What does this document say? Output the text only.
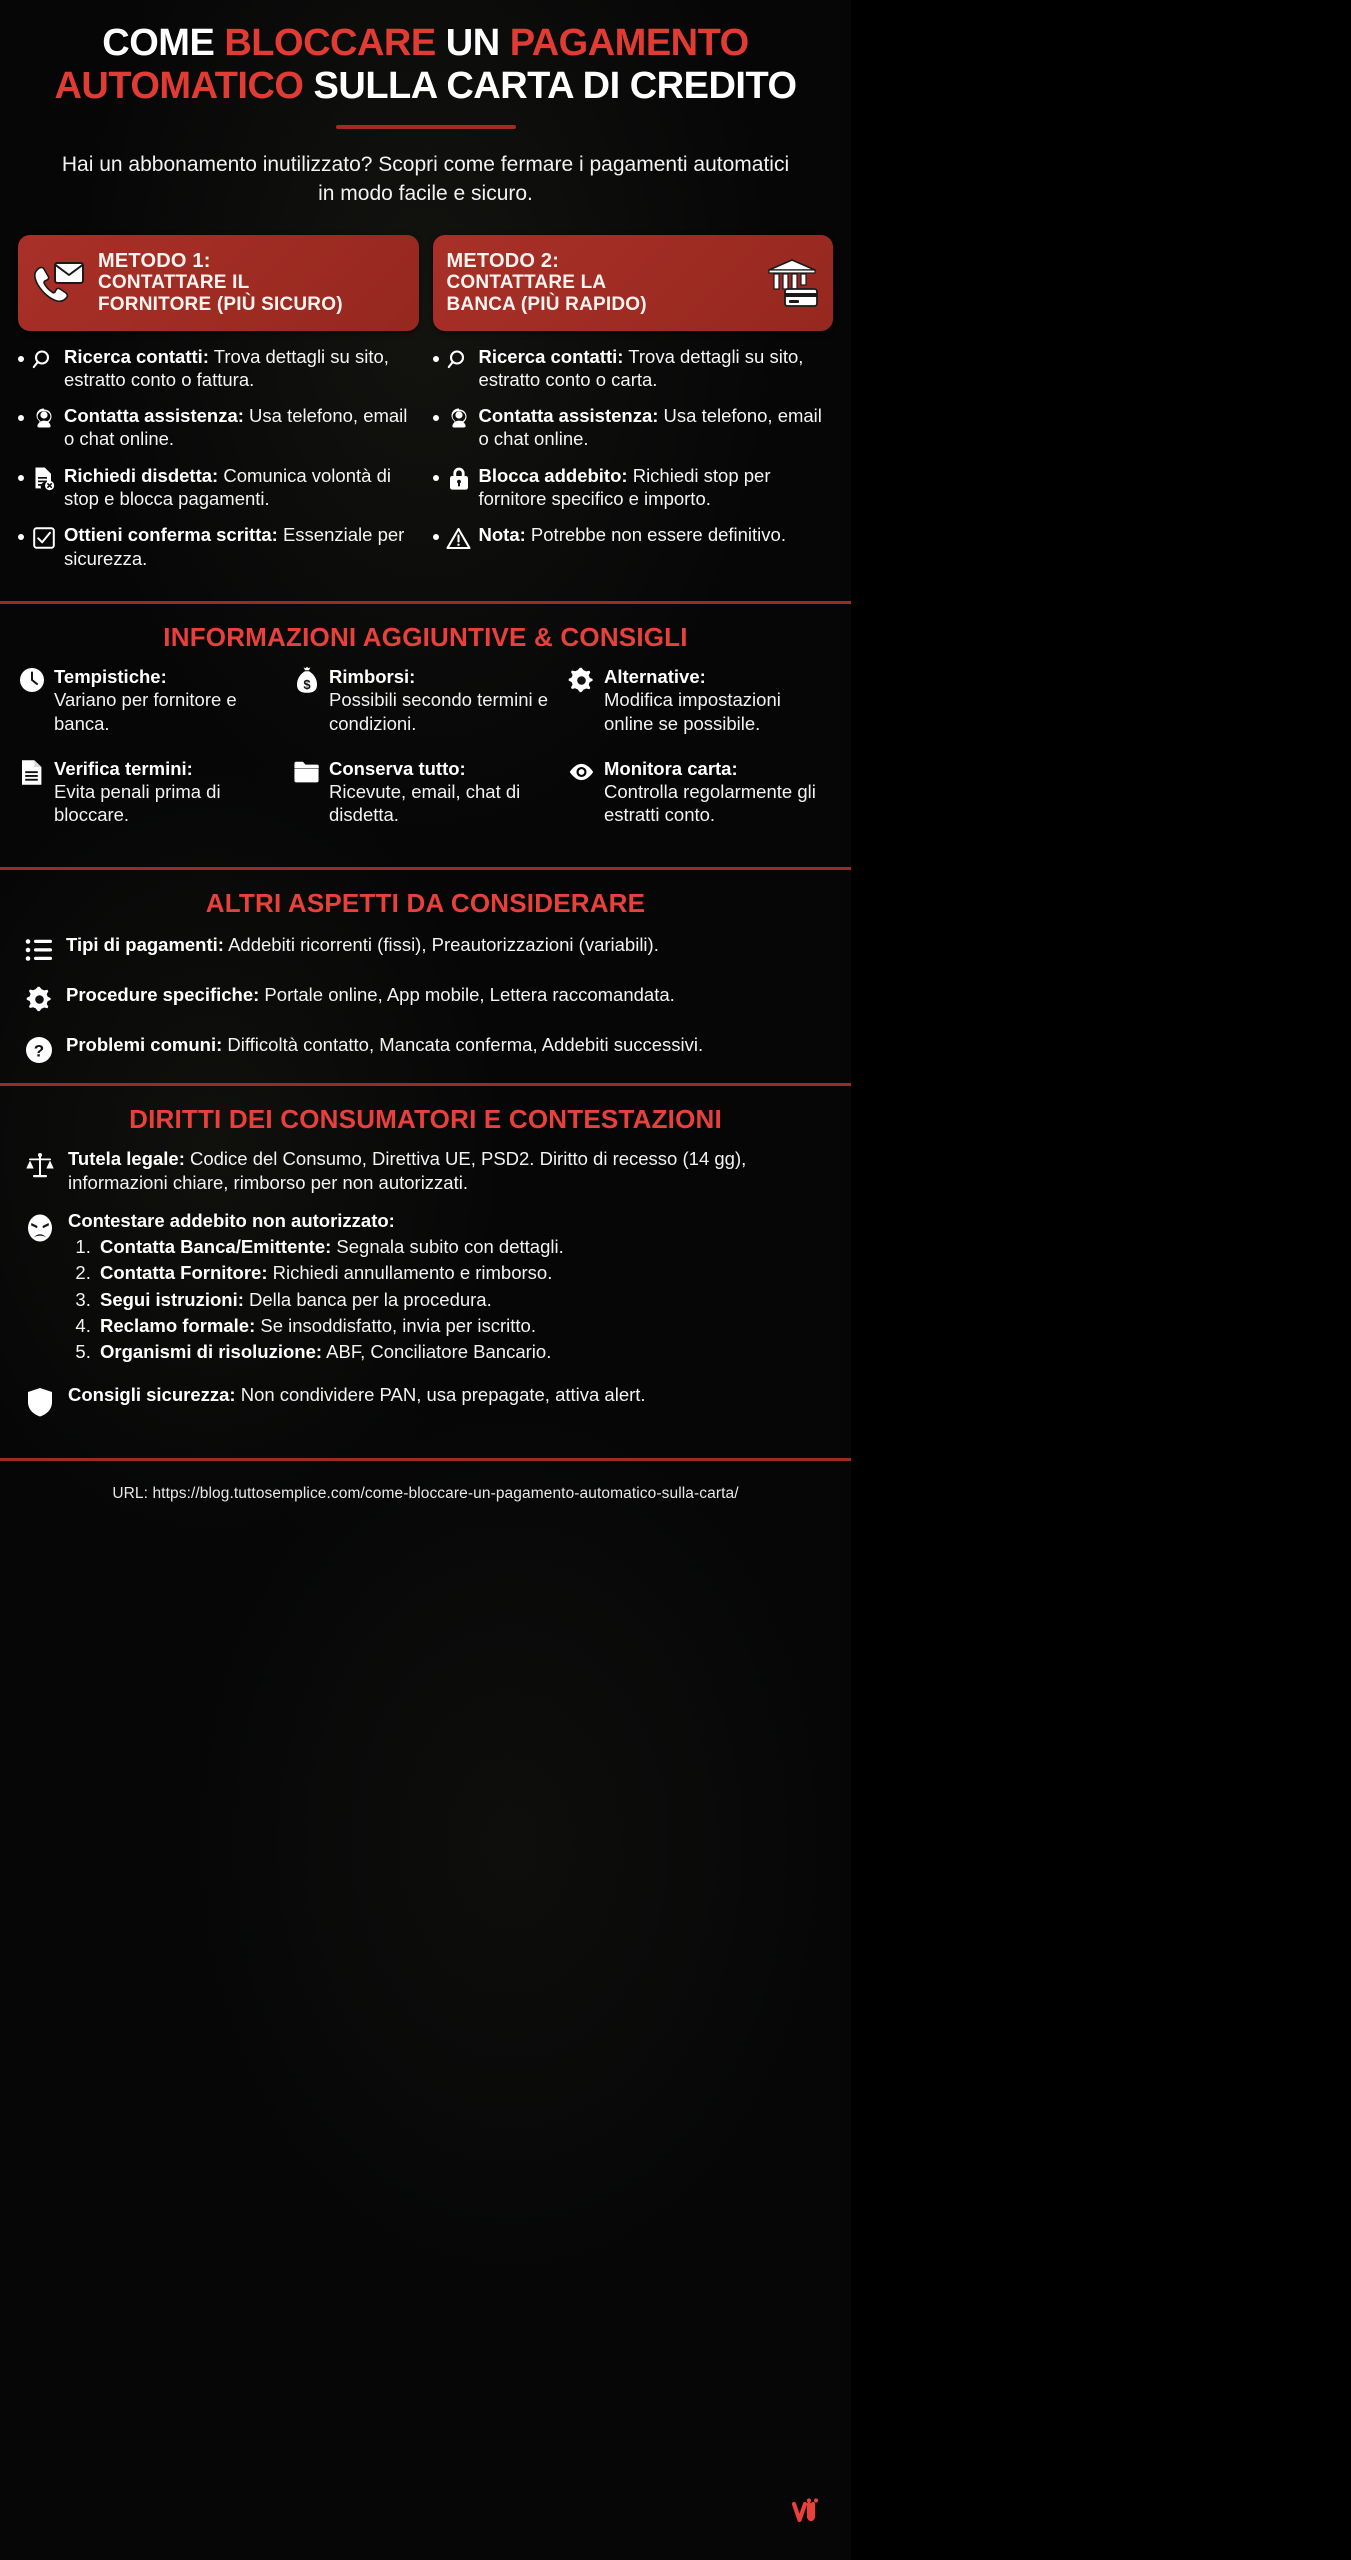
COME BLOCCARE UN PAGAMENTO
AUTOMATICO SULLA CARTA DI CREDITO

Hai un abbonamento inutilizzato? Scopri come fermare i pagamenti automatici in modo facile e sicuro.

METODO 1:
CONTATTARE IL
FORNITORE (PIÙ SICURO)
Ricerca contatti: Trova dettagli su sito, estratto conto o fattura.
Contatta assistenza: Usa telefono, email o chat online.
Richiedi disdetta: Comunica volontà di stop e blocca pagamenti.
Ottieni conferma scritta: Essenziale per sicurezza.
METODO 2:
CONTATTARE LA
BANCA (PIÙ RAPIDO)
Ricerca contatti: Trova dettagli su sito, estratto conto o carta.
Contatta assistenza: Usa telefono, email o chat online.
Blocca addebito: Richiedi stop per fornitore specifico e importo.
Nota: Potrebbe non essere definitivo.
INFORMAZIONI AGGIUNTIVE & CONSIGLI
Tempistiche:
Variano per fornitore e banca.
Verifica termini:
Evita penali prima di bloccare.
$ Rimborsi:
Possibili secondo termini e condizioni.
Conserva tutto:
Ricevute, email, chat di disdetta.
Alternative:
Modifica impostazioni online se possibile.
Monitora carta:
Controlla regolarmente gli estratti conto.
ALTRI ASPETTI DA CONSIDERARE
Tipi di pagamenti: Addebiti ricorrenti (fissi), Preautorizzazioni (variabili).
Procedure specifiche: Portale online, App mobile, Lettera raccomandata.
? Problemi comuni: Difficoltà contatto, Mancata conferma, Addebiti successivi.
DIRITTI DEI CONSUMATORI E CONTESTAZIONI
Tutela legale: Codice del Consumo, Direttiva UE, PSD2. Diritto di recesso (14 gg), informazioni chiare, rimborso per non autorizzati.
Contestare addebito non autorizzato:
1. Contatta Banca/Emittente: Segnala subito con dettagli.
2. Contatta Fornitore: Richiedi annullamento e rimborso.
3. Segui istruzioni: Della banca per la procedura.
4. Reclamo formale: Se insoddisfatto, invia per iscritto.
5. Organismi di risoluzione: ABF, Conciliatore Bancario.
Consigli sicurezza: Non condividere PAN, usa prepagate, attiva alert.
URL: https://blog.tuttosemplice.com/come-bloccare-un-pagamento-automatico-sulla-carta/
